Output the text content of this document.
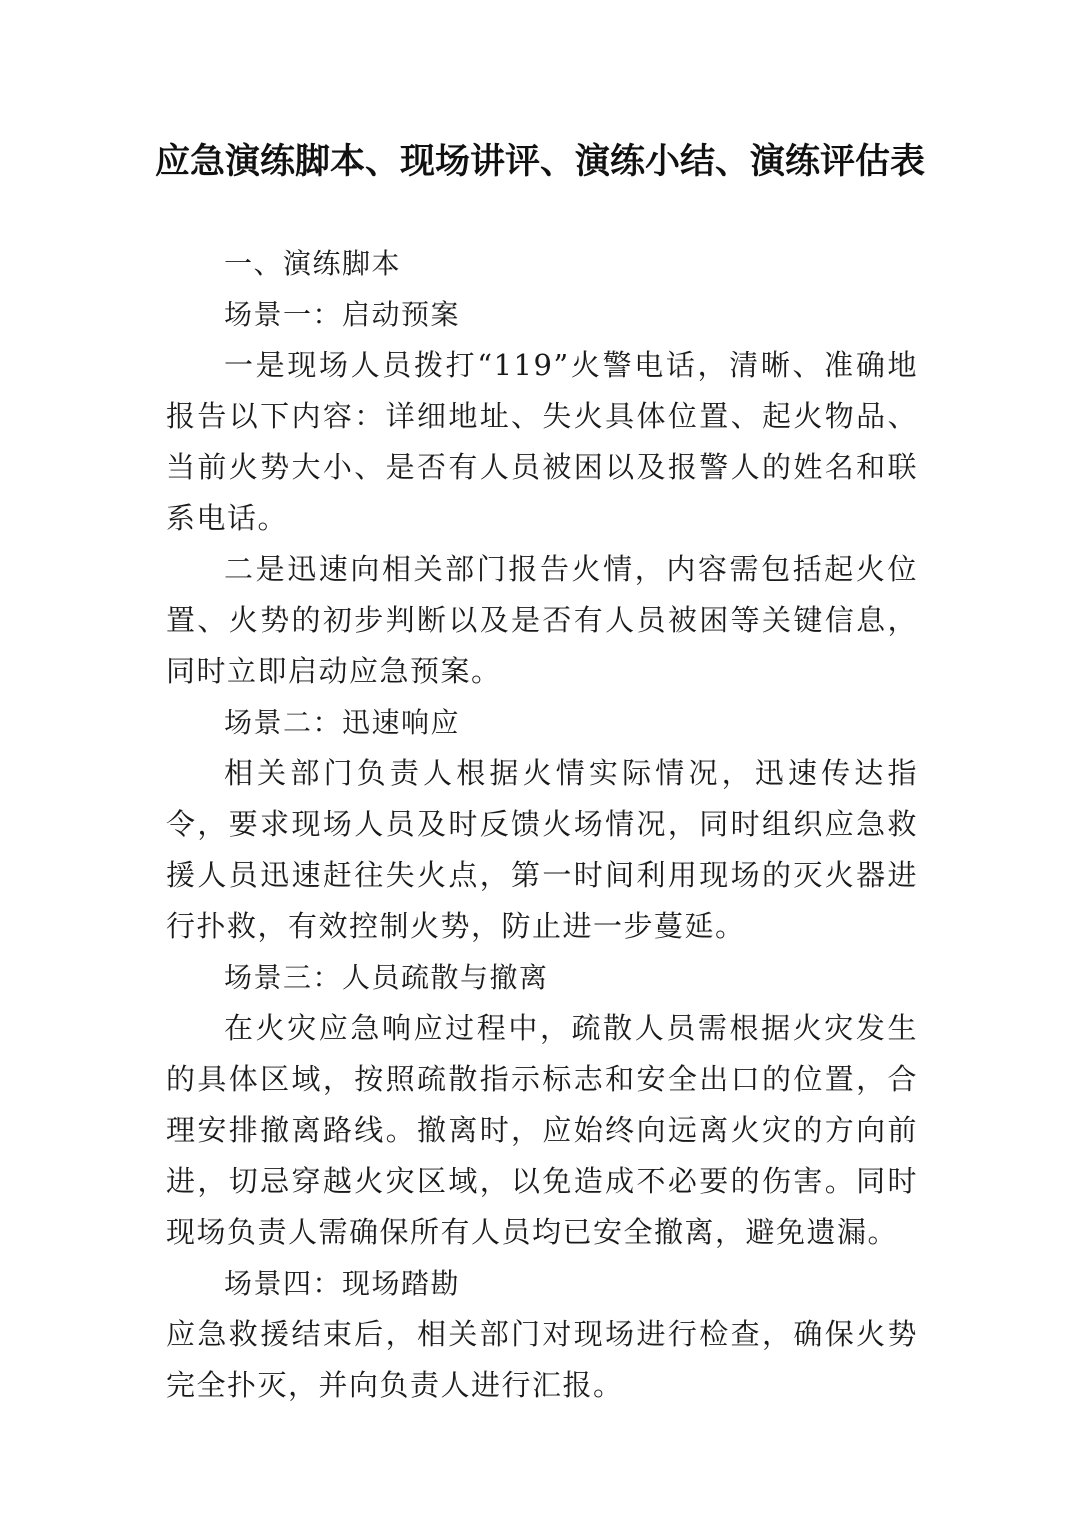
应急演练脚本、现场讲评、演练小结、演练评估表

一、演练脚本

场景一：启动预案

一是现场人员拨打“119”火警电话，清晰、准确地报告以下内容：详细地址、失火具体位置、起火物品、当前火势大小、是否有人员被困以及报警人的姓名和联系电话。

二是迅速向相关部门报告火情，内容需包括起火位置、火势的初步判断以及是否有人员被困等关键信息，同时立即启动应急预案。

场景二：迅速响应

相关部门负责人根据火情实际情况，迅速传达指令，要求现场人员及时反馈火场情况，同时组织应急救援人员迅速赶往失火点，第一时间利用现场的灭火器进行扑救，有效控制火势，防止进一步蔓延。

场景三：人员疏散与撤离

在火灾应急响应过程中，疏散人员需根据火灾发生的具体区域，按照疏散指示标志和安全出口的位置，合理安排撤离路线。撤离时，应始终向远离火灾的方向前进，切忌穿越火灾区域，以免造成不必要的伤害。同时现场负责人需确保所有人员均已安全撤离，避免遗漏。

场景四：现场踏勘

应急救援结束后，相关部门对现场进行检查，确保火势完全扑灭，并向负责人进行汇报。
